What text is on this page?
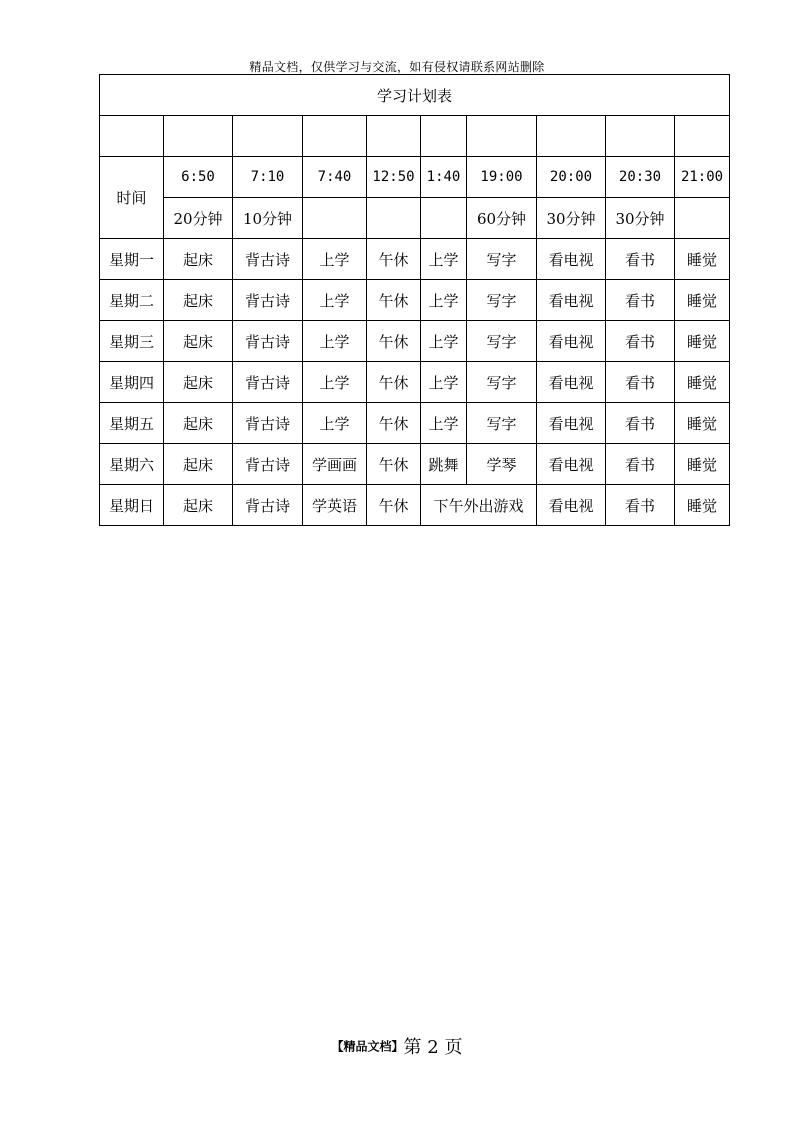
精品文档，仅供学习与交流，如有侵权请联系网站删除
学习计划表									

时间	6:50	7:10	7:40	12:50	1:40	19:00	20:00	20:30	21:00
	20分钟	10分钟				60分钟	30分钟	30分钟	
星期一	起床	背古诗	上学	午休	上学	写字	看电视	看书	睡觉
星期二	起床	背古诗	上学	午休	上学	写字	看电视	看书	睡觉
星期三	起床	背古诗	上学	午休	上学	写字	看电视	看书	睡觉
星期四	起床	背古诗	上学	午休	上学	写字	看电视	看书	睡觉
星期五	起床	背古诗	上学	午休	上学	写字	看电视	看书	睡觉
星期六	起床	背古诗	学画画	午休	跳舞	学琴	看电视	看书	睡觉
星期日	起床	背古诗	学英语	午休	下午外出游戏		看电视	看书	睡觉
【精品文档】第 2 页
